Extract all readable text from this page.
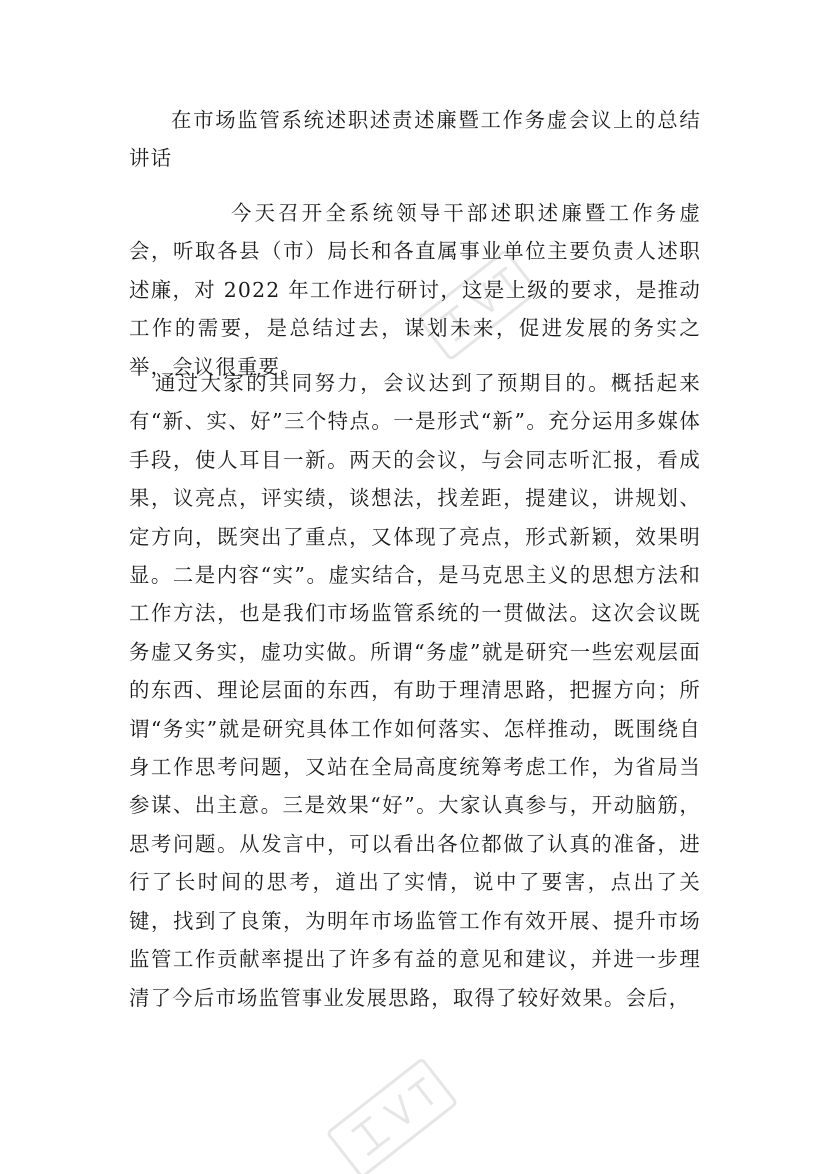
在市场监管系统述职述责述廉暨工作务虚会议上的总结讲话

今天召开全系统领导干部述职述廉暨工作务虚会，听取各县（市）局长和各直属事业单位主要负责人述职述廉，对 2022 年工作进行研讨，这是上级的要求，是推动工作的需要，是总结过去，谋划未来，促进发展的务实之举，会议很重要。

通过大家的共同努力，会议达到了预期目的。概括起来有“新、实、好”三个特点。一是形式“新”。充分运用多媒体手段，使人耳目一新。两天的会议，与会同志听汇报，看成果，议亮点，评实绩，谈想法，找差距，提建议，讲规划、定方向，既突出了重点，又体现了亮点，形式新颖，效果明显。二是内容“实”。虚实结合，是马克思主义的思想方法和工作方法，也是我们市场监管系统的一贯做法。这次会议既务虚又务实，虚功实做。所谓“务虚”就是研究一些宏观层面的东西、理论层面的东西，有助于理清思路，把握方向；所谓“务实”就是研究具体工作如何落实、怎样推动，既围绕自身工作思考问题，又站在全局高度统筹考虑工作，为省局当参谋、出主意。三是效果“好”。大家认真参与，开动脑筋，思考问题。从发言中，可以看出各位都做了认真的准备，进行了长时间的思考，道出了实情，说中了要害，点出了关键，找到了良策，为明年市场监管工作有效开展、提升市场监管工作贡献率提出了许多有益的意见和建议，并进一步理清了今后市场监管事业发展思路，取得了较好效果。会后，
